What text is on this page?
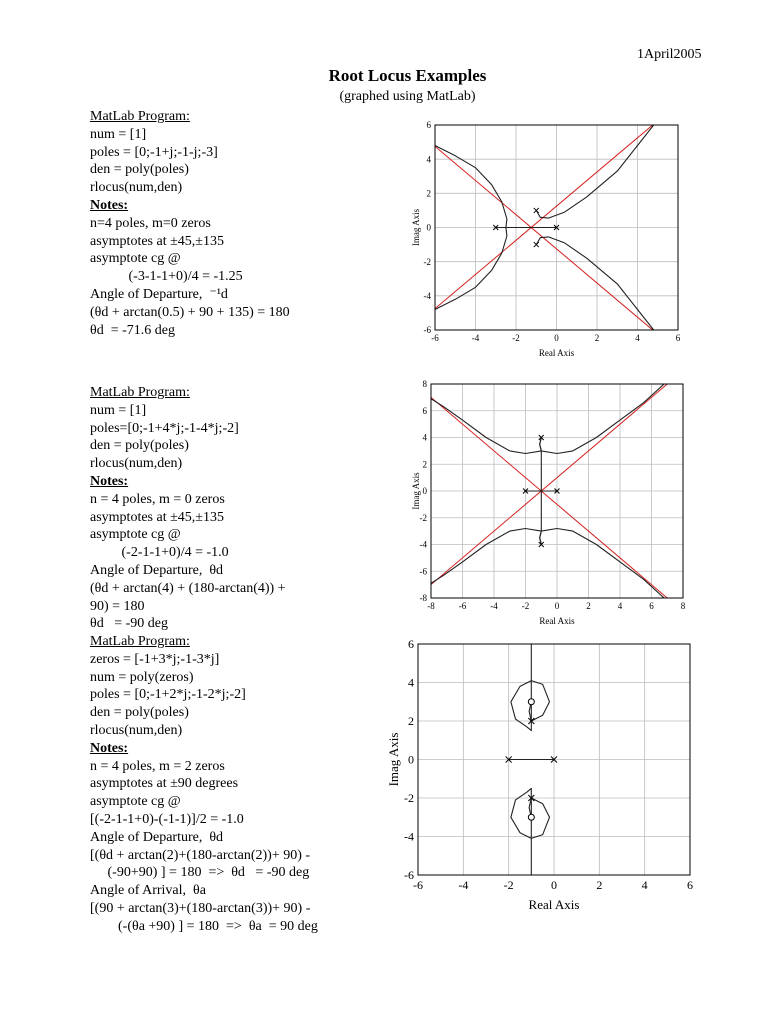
1April2005
Root Locus Examples
(graphed using MatLab)
MatLab Program:
num = [1]
poles = [0;-1+j;-1-j;-3]
den = poly(poles)
rlocus(num,den)
Notes:
n=4 poles, m=0 zeros
asymptotes at ±45,±135
asymptote cg @
(-3-1-1+0)/4 = -1.25
Angle of Departure,  ⁻¹d
(θd + arctan(0.5) + 90 + 135) = 180
θd  = -71.6 deg
MatLab Program:
num = [1]
poles=[0;-1+4*j;-1-4*j;-2]
den = poly(poles)
rlocus(num,den)
Notes:
n = 4 poles, m = 0 zeros
asymptotes at ±45,±135
asymptote cg @
(-2-1-1+0)/4 = -1.0
Angle of Departure,  θd
(θd + arctan(4) + (180-arctan(4)) +
90) = 180
θd   = -90 deg
MatLab Program:
zeros = [-1+3*j;-1-3*j]
num = poly(zeros)
poles = [0;-1+2*j;-1-2*j;-2]
den = poly(poles)
rlocus(num,den)
Notes:
n = 4 poles, m = 2 zeros
asymptotes at ±90 degrees
asymptote cg @
[(-2-1-1+0)-(-1-1)]/2 = -1.0
Angle of Departure,  θd
[(θd + arctan(2)+(180-arctan(2))+ 90) -
(-90+90) ] = 180  =>  θd   = -90 deg
Angle of Arrival,  θa
[(90 + arctan(3)+(180-arctan(3))+ 90) -
(-(θa +90) ] = 180  =>  θa  = 90 deg
-6	-4	-2	0	2	4	6
6
4
2
0
-2
-4
-6
Real Axis
Imag Axis
-8	-6	-4	-2	0	2	4	6	8
8
6
4
2
0
-2
-4
-6
-8
Real Axis
Imag Axis
-6	-4	-2	0	2	4	6
6
4
2
0
-2
-4
-6
Real Axis
Imag Axis
